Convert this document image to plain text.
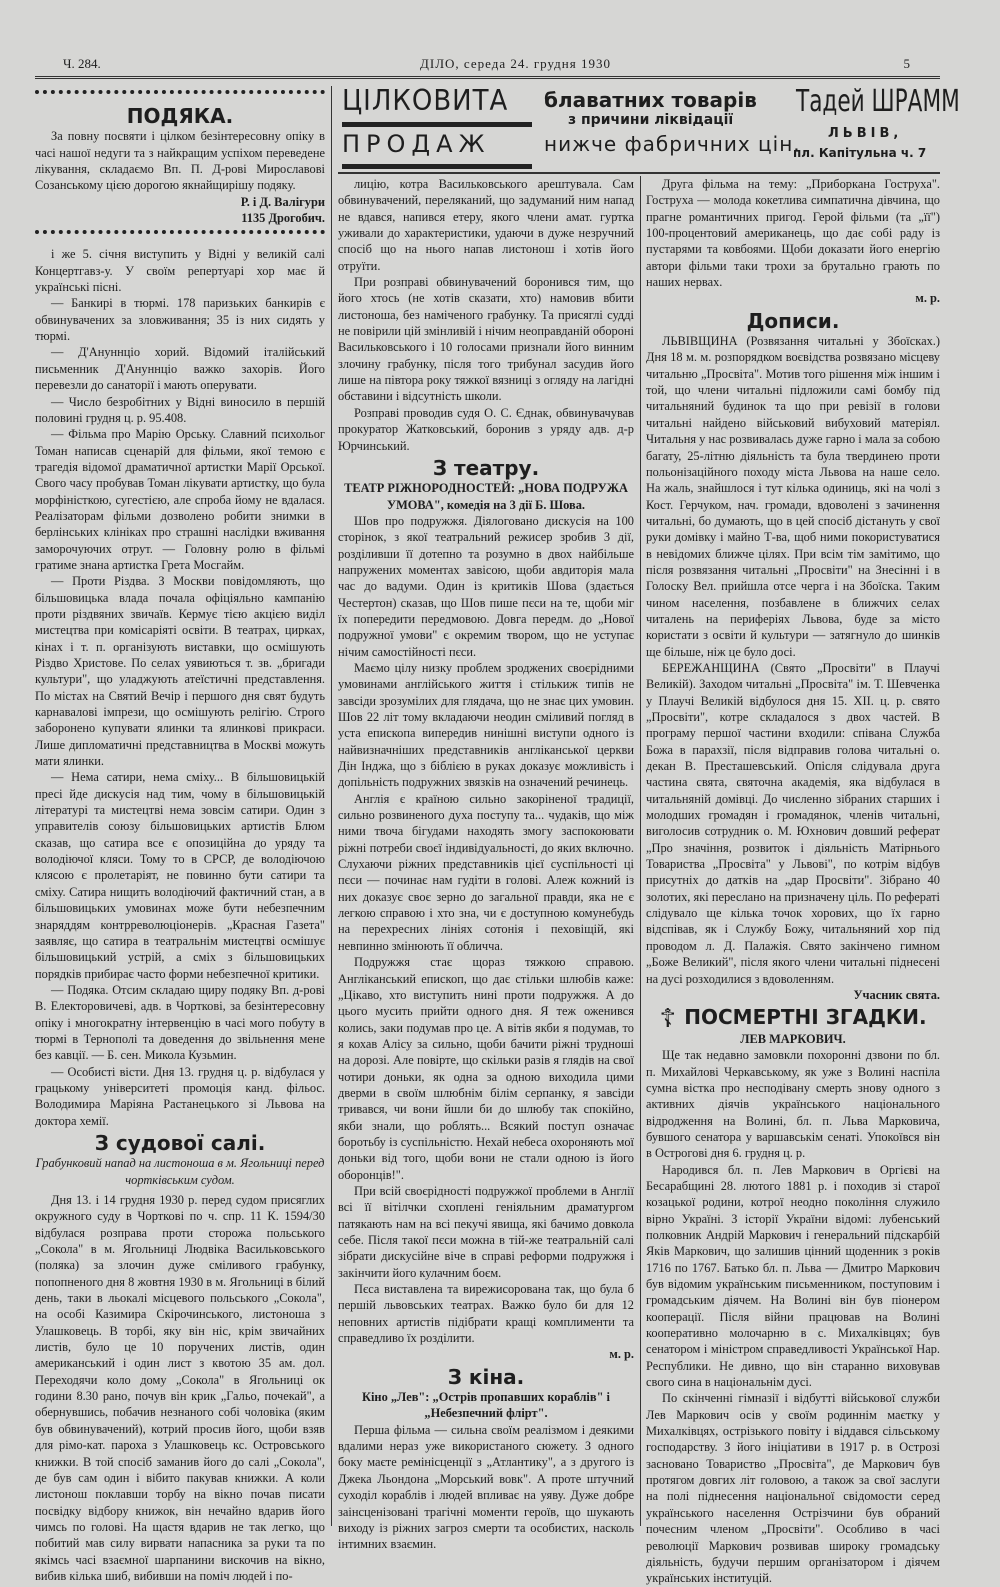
Ч. 284.	ДІЛО, середа 24. грудня 1930	5
ЦІЛКОВИТА
ПРОДАЖ
блаватних товарів
з причини ліквідації
нижче фабричних цін.
Тадей ШРАММ
ЛЬВІВ,
пл. Капітульна ч. 7

ПОДЯКА.

За повну посвяти і цілком безінтересовну опіку в часі нашої недуги та з найкращим успіхом переведене лікування, складаємо Вп. П. Д-рові Мирославові Созанському цією дорогою якнайщирішу подяку.

Р. і Д. Валігури

1135 Дрогобич.

і же 5. січня виступить у Відні у великій салі Концертгавз-у. У своїм репертуарі хор має й українські пісні.

— Банкирі в тюрмі. 178 паризьких банкирів є обвинувачених за зловживання; 35 із них сидять у тюрмі.

— Д'Ануннціо хорий. Відомий італійський письменник Д'Ануннціо важко захорів. Його перевезли до санаторії і мають оперувати.

— Число безробітних у Відні виносило в першій половині грудня ц. р. 95.408.

— Фільма про Марію Орську. Славний психольог Томан написав сценарій для фільми, якої темою є трагедія відомої драматичної артистки Марії Орської. Свого часу пробував Томан лікувати артистку, що була морфіністкою, сугестією, але спроба йому не вдалася. Реалізаторам фільми дозволено робити знимки в берлінських клініках про страшні наслідки вживання заморочуючих отрут. — Головну ролю в фільмі гратиме знана артистка Грета Мосгайм.

— Проти Різдва. З Москви повідомляють, що більшовицька влада почала офіціяльно кампанію проти різдвяних звичаїв. Кермує тією акцією виділ мистецтва при комісаріяті освіти. В театрах, цирках, кінах і т. п. організують виставки, що осмішують Різдво Христове. По селах уявиються т. зв. „бригади культури", що уладжують атеїстичні представлення. По містах на Святий Вечір і першого дня свят будуть карнавалові імпрези, що осмішують релігію. Строго заборонено купувати ялинки та ялинкові прикраси. Лише дипломатичні представництва в Москві можуть мати ялинки.

— Нема сатири, нема сміху... В більшовицькій пресі йде дискусія над тим, чому в більшовицькій літературі та мистецтві нема зовсім сатири. Один з управителів союзу більшовицьких артистів Блюм сказав, що сатира все є опозиційна до уряду та володіючої кляси. Тому то в СРСР, де володіючою клясою є пролетаріят, не повинно бути сатири та сміху. Сатира нищить володіючий фактичний стан, а в більшовицьких умовинах може бути небезпечним знаряддям контрреволюціонерів. „Красная Газета" заявляє, що сатира в театральнім мистецтві осмішує більшовицький устрій, а сміх з більшовицьких порядків прибирає часто форми небезпечної критики.

— Подяка. Отсим складаю щиру подяку Вп. д-рові В. Електоровичеві, адв. в Чорткові, за безінтересовну опіку і многократну інтервенцію в часі мого побуту в тюрмі в Тернополі та доведення до звільнення мене без кавції. — Б. сен. Микола Кузьмин.

— Особисті вісти. Дня 13. грудня ц. р. відбулася у грацькому університеті промоція канд. фільос. Володимира Маріяна Растанецького зі Львова на доктора хемії.

З судової салі.

Грабунковий напад на листоноша в м. Ягольниці перед чортківським судом.

Дня 13. і 14 грудня 1930 р. перед судом присяглих окружного суду в Чорткові по ч. спр. 11 К. 1594/30 відбулася розправа проти сторожа польського „Сокола" в м. Ягольниці Людвіка Васильковського (поляка) за злочин дуже сміливого грабунку, попопненого дня 8 жовтня 1930 в м. Ягольниці в білий день, таки в льокалі місцевого польського „Сокола", на особі Казимира Скірочинського, листоноша з Улашковець. В торбі, яку він ніс, крім звичайних листів, було це 10 поручених листів, один американський і один лист з квотою 35 ам. дол. Переходячи коло дому „Сокола" в Ягольниці ок години 8.30 рано, почув він крик „Гальо, почекай", а обернувшись, побачив незнаного собі чоловіка (яким був обвинувачений), котрий просив його, щоби взяв для рімо-кат. пароха з Улашковець кс. Островського книжки. В той спосіб заманив його до салі „Сокола", де був сам один і вібито пакував книжки. А коли листонош поклавши торбу на вікно почав писати посвідку відбору книжок, він нечайно вдарив його чимсь по голові. На щастя вдарив не так легко, що побитий мав силу вирвати напасника за руки та по якімсь часі взаємної шарпанини вискочив на вікно, вибив кілька шиб, вибивши на поміч людей і по-

лицію, котра Васильковського арештувала. Сам обвинувачений, переляканий, що задуманий ним напад не вдався, напився етеру, якого члени амат. гуртка уживали до характеристики, удаючи в дуже незручний спосіб що на нього напав листонош і хотів його отруїти.

При розправі обвинувачений боронився тим, що його хтось (не хотів сказати, хто) намовив вбити листоноша, без наміченого грабунку. Та присяглі судді не повірили цій змінливій і нічим неоправданій обороні Васильковського і 10 голосами признали його винним злочину грабунку, після того трибунал засудив його лише на півтора року тяжкої вязниці з огляду на лагідні обставини і відсутність школи.

Розправі проводив судя О. С. Єднак, обвинувачував прокуратор Жатковський, боронив з уряду адв. д-р Юрчинський.

З театру.

ТЕАТР РІЖНОРОДНОСТЕЙ: „НОВА ПОДРУЖА УМОВА", комедія на 3 дії Б. Шова.

Шов про подружжя. Діялоговано дискусія на 100 сторінок, з якої театральний режисер зробив 3 дії, розділивши її дотепно та розумно в двох найбільше напружених моментах завісою, щоби авдиторія мала час до вадуми. Один із критиків Шова (здається Честертон) сказав, що Шов пише пєси на те, щоби міг їх попередити передмовою. Довга передм. до „Нової подружної умови" є окремим твором, що не уступає нічим самостійності пєси.

Маємо цілу низку проблем зроджених своєрідними умовинами англійського життя і стількиж типів не завсіди зрозумілих для глядача, що не знає цих умовин. Шов 22 літ тому вкладаючи неодин сміливий погляд в уста епископа випередив нинішні виступи одного із найвизначніших представників англіканської церкви Дін Інджа, що з біблією в руках доказує можливість і допільність подружних звязків на означений речинець.

Англія є країною сильно закоріненої традиції, сильно розвиненого духа поступу та... чудаків, що між ними твоча бігудами находять змогу заспокоювати ріжні потреби своєї індивідуальності, до яких включно. Слухаючи ріжних представників цієї суспільності ці пєси — починає нам гудіти в голові. Алеж кожний із них доказує своє зерно до загальної правди, яка не є легкою справою і хто зна, чи є доступною комунебудь на перехресних лініях сотонія і пеховіщій, які невпинно змінюють її обличча.

Подружжя стає щораз тяжкою справою. Англіканський епископ, що дає стільки шлюбів каже: „Цікаво, хто виступить нині проти подружжя. А до цього мусить прийти одного дня. Я теж оженився колись, заки подумав про це. А вітів якби я подумав, то я кохав Алісу за сильно, щоби бачити ріжні трудноші на дорозі. Але повірте, що скільки разів я глядів на свої чотири доньки, як одна за одною виходила цими дверми в своїм шлюбнім білім серпанку, я завсіди тривався, чи вони йшли би до шлюбу так спокійно, якби знали, що роблять... Всякий поступ означає боротьбу із суспільністю. Нехай небеса охороняють мої доньки від того, щоби вони не стали одною із його оборонців!".

При всій своєрідності подружжої проблеми в Англії всі її вітілчки схоплені геніяльним драматургом патякають нам на всі пекучі явища, які бачимо довкола себе. Після такої пєси можна в тій-же театральній салі зібрати дискусійне віче в справі реформи подружжя і закінчити його кулачним боєм.

Пєса виставлена та вирежисорована так, що була б першій львовських театрах. Важко було би для 12 неповних артистів підібрати кращі комплименти та справедливо їх розділити.

м. р.

З кіна.

Кіно „Лев": „Острів пропавших кораблів" і „Небезпечний флірт".

Перша фільма — сильна своїм реалізмом і деякими вдалими нераз уже використаного сюжету. З одного боку маєте ремінісценції з „Атлантику", а з другого із Джека Льондона „Морський вовк". А проте штучний суходіл кораблів і людей впливає на уяву. Дуже добре заінсценізовані трагічні моменти героїв, що шукають виходу із ріжних загроз смерти та особистих, насколь інтимних взаємин.

Друга фільма на тему: „Приборкана Гоструха". Гоструха — молода кокетлива симпатична дівчина, що прагне романтичних пригод. Герой фільми (та „її") 100-процентовий американець, що дає собі раду із пустарями та ковбоями. Щоби доказати його енергію автори фільми таки трохи за брутально грають по наших нервах.

м. р.

Дописи.

ЛЬВІВЩИНА (Розвязання читальні у Збоїсках.) Дня 18 м. м. розпорядком воєвідства розвязано місцеву читальню „Просвіта". Мотив того рішення між іншим і той, що члени читальні підложили самі бомбу під читальняний будинок та що при ревізії в голови читальні найдено військовий вибуховий матеріял. Читальня у нас розвивалась дуже гарно і мала за собою багату, 25-літню діяльність та була твердинею проти польонізаційного походу міста Львова на наше село. На жаль, знайшлося і тут кілька одиниць, які на чолі з Кост. Герчуком, нач. громади, вдоволені з зачинення читальні, бо думають, що в цей спосіб дістануть у свої руки домівку і майно Т-ва, щоб ними покористуватися в невідомих ближче цілях. При всім тім замітимо, що після розвязання читальні „Просвіти" на Знесінні і в Голоску Вел. прийшла отсе черга і на Збоїска. Таким чином населення, позбавлене в ближчих селах читалень на периферіях Львова, буде за місто користати з освіти й культури — затягнуло до шинків ще більше, ніж це було досі.

БЕРЕЖАНЩИНА (Свято „Просвіти" в Плаучі Великій). Заходом читальні „Просвіта" ім. Т. Шевченка у Плаучі Великій відбулося дня 15. XII. ц. р. свято „Просвіти", котре складалося з двох частей. В програму першої частини входили: співана Служба Божа в парахзії, після відправив голова читальні о. декан В. Престашевський. Опісля слідувала друга частина свята, святочна академія, яка відбулася в читальняній домівці. До численно зібраних старших і молодших громадян і громадянок, членів читальні, виголосив сотрудник о. М. Юхнович довший реферат „Про значіння, розвиток і діяльність Матірнього Товариства „Просвіта" у Львові", по котрім відбув присутніх до датків на „дар Просвіти". Зібрано 40 золотих, які переслано на призначену ціль. По рефераті слідувало ще кілька точок хорових, що їх гарно відспівав, як і Службу Божу, читальняний хор під проводом л. Д. Палажія. Свято закінчено гимном „Боже Великий", після якого члени читальні піднесені на дусі розходилися з вдоволенням.

Учасник свята.

☦ ПОСМЕРТНІ ЗГАДКИ.

ЛЕВ МАРКОВИЧ.

Ще так недавно замовкли похоронні дзвони по бл. п. Михайлові Черкавському, як уже з Волині наспіла сумна вістка про несподівану смерть знову одного з активних діячів українського національного відродження на Волині, бл. п. Льва Марковича, бувшого сенатора у варшавськім сенаті. Упокоївся він в Острогові дня 6. грудня ц. р.

Народився бл. п. Лев Маркович в Оргієві на Бесарабщині 28. лютого 1881 р. і походив зі старої козацької родини, котрої неодно покоління служило вірно Україні. З історії України відомі: лубенський полковник Андрій Маркович і генеральний підскарбій Яків Маркович, що залишив цінний щоденник з років 1716 по 1767. Батько бл. п. Льва — Дмитро Маркович був відомим українським письменником, поступовим і громадським діячем. На Волині він був піонером кооперації. Після війни працював на Волині кооперативно молочарню в с. Михалківцях; був сенатором і міністром справедливості Української Нар. Республики. Не дивно, що він старанно виховував свого сина в національнім дусі.

По скінченні гімназії і відбутті військової служби Лев Маркович осів у своїм родиннім маєтку у Михалківцях, острізького повіту і віддався сільському господарству. З його ініціативи в 1917 р. в Острозі засновано Товариство „Просвіта", де Маркович був протягом довгих літ головою, а також за свої заслуги на полі піднесення національної свідомости серед українського населення Острізчини був обраний почесним членом „Просвіти". Особливо в часі революції Маркович розвивав широку громадську діяльність, будучи першим організатором і діячем українських інституцій.
